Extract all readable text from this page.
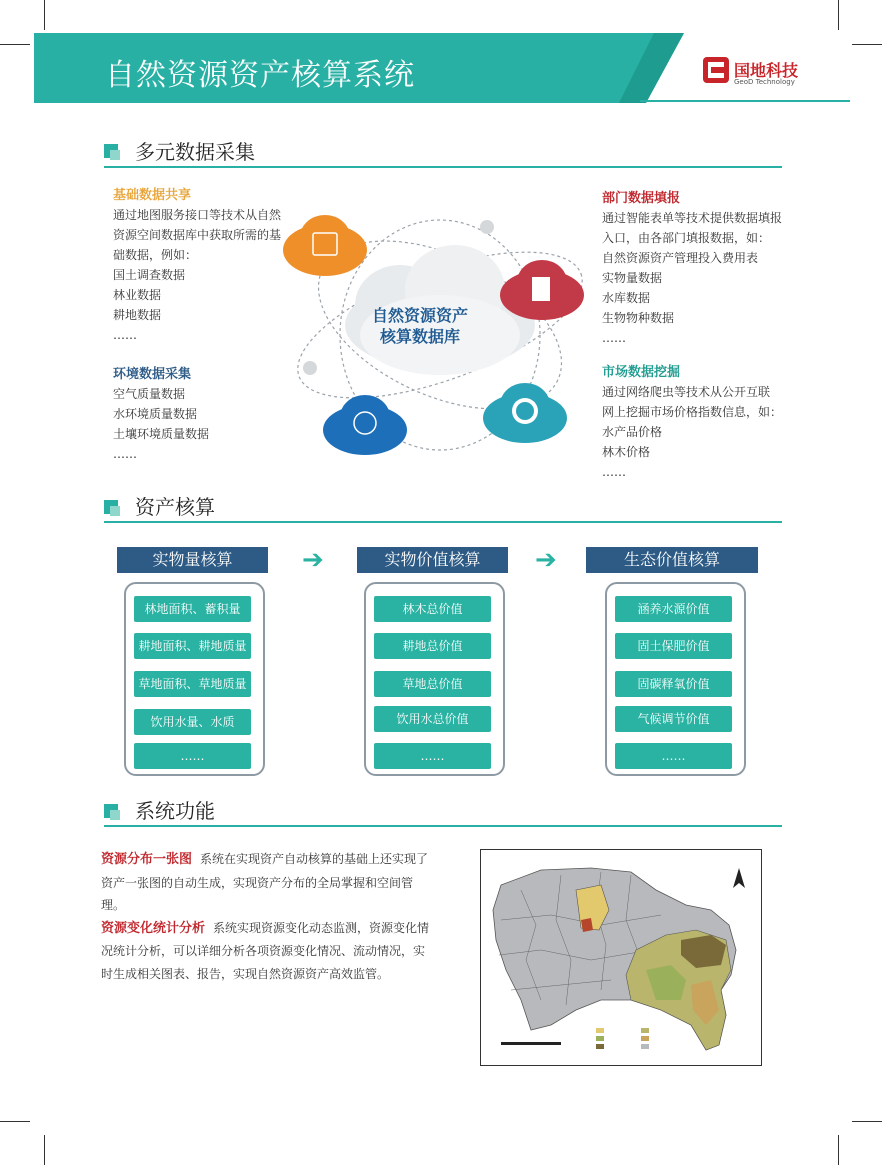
自然资源资产核算系统	国地科技
GeoD Technology
多元数据采集
基础数据共享
通过地图服务接口等技术从自然
资源空间数据库中获取所需的基
础数据，例如：
国土调查数据
林业数据
耕地数据
……
环境数据采集
空气质量数据
水环境质量数据
土壤环境质量数据
……
部门数据填报
通过智能表单等技术提供数据填报
入口，由各部门填报数据，如：
自然资源资产管理投入费用表
实物量数据
水库数据
生物物种数据
……
市场数据挖掘
通过网络爬虫等技术从公开互联
网上挖掘市场价格指数信息，如：
水产品价格
林木价格
……
自然资源资产
核算数据库
资产核算
实物量核算
林地面积、蓄积量
耕地面积、耕地质量
草地面积、草地质量
饮用水量、水质
……
➔	实物价值核算
林木总价值
耕地总价值
草地总价值
饮用水总价值
……
➔	生态价值核算
涵养水源价值
固土保肥价值
固碳释氧价值
气候调节价值
……
系统功能
资源分布一张图 系统在实现资产自动核算的基础上还实现了资产一张图的自动生成，实现资产分布的全局掌握和空间管理。
资源变化统计分析 系统实现资源变化动态监测，资源变化情况统计分析，可以详细分析各项资源变化情况、流动情况，实时生成相关图表、报告，实现自然资源资产高效监管。
